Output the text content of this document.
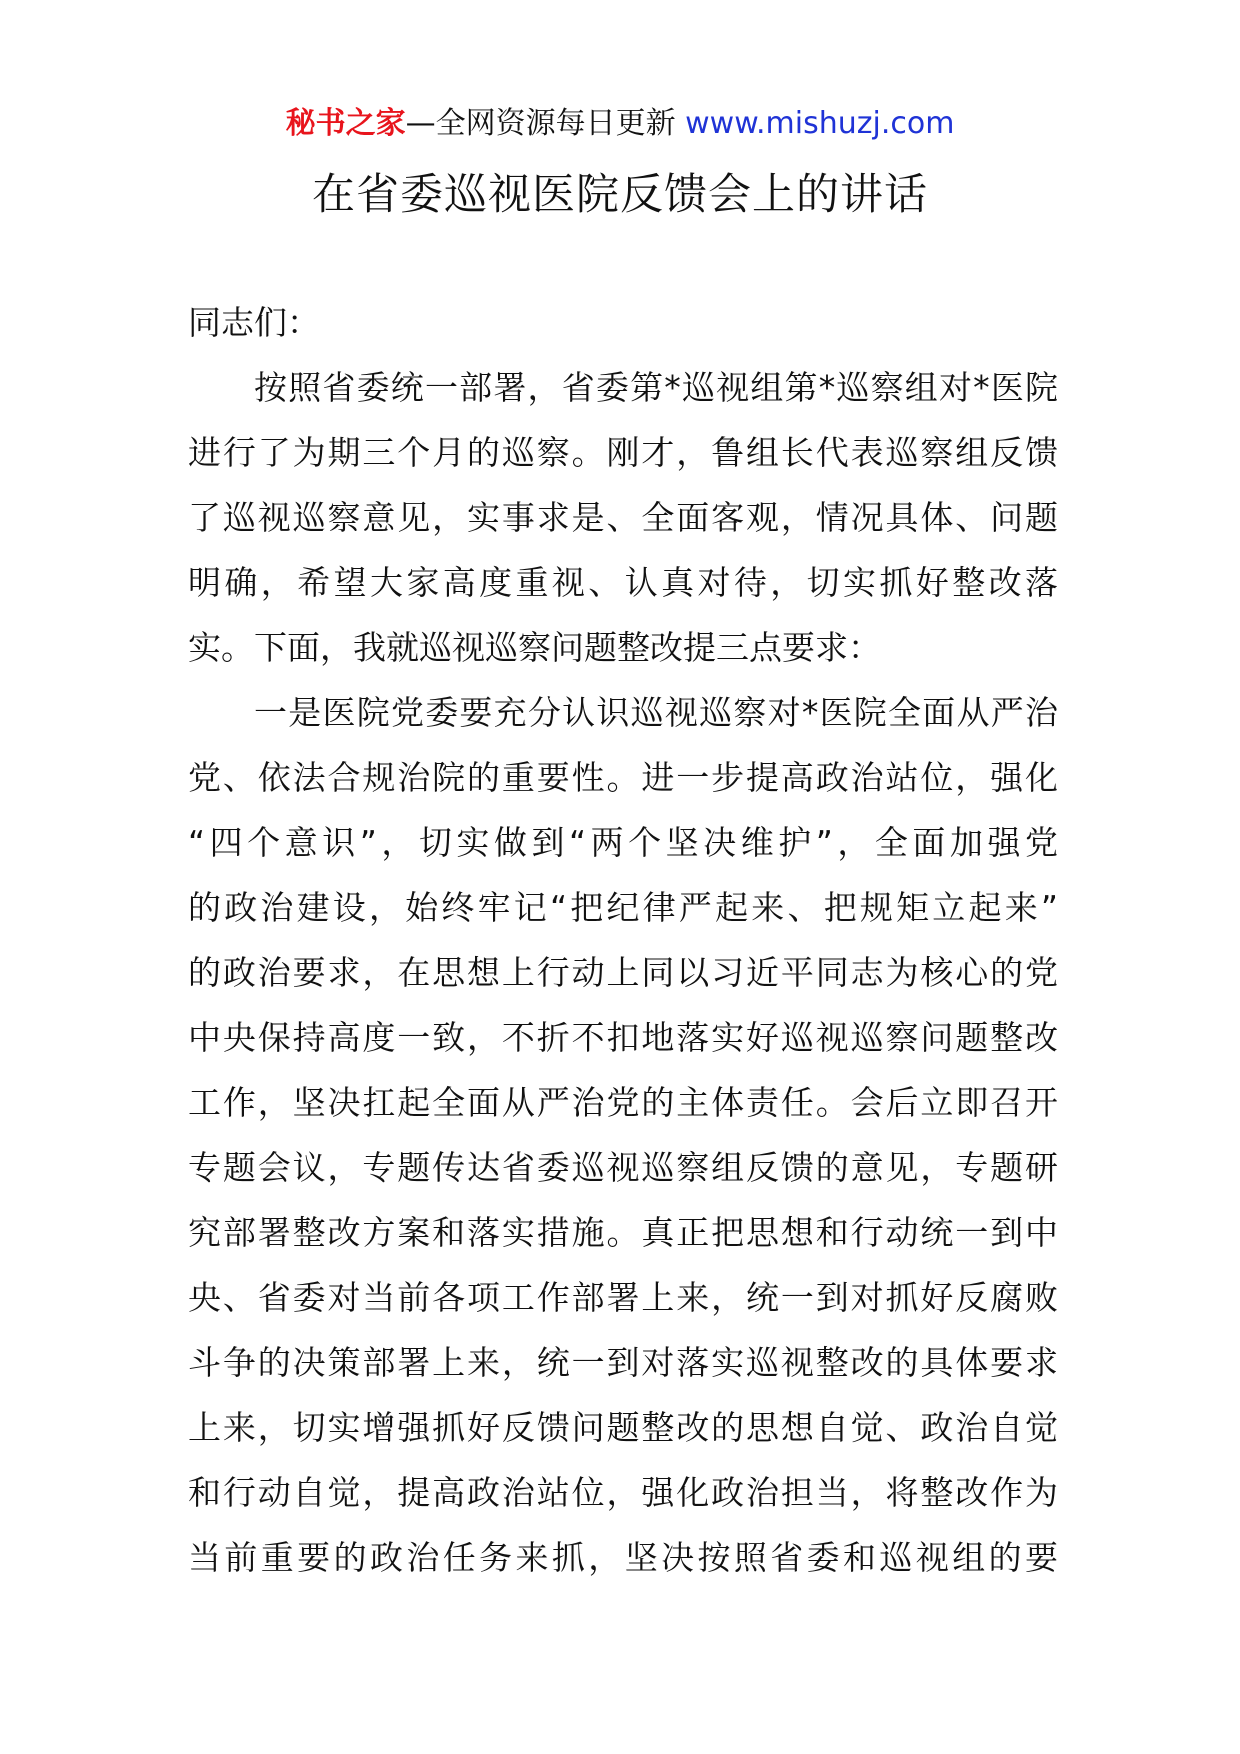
秘书之家—全网资源每日更新 www.mishuzj.com
在省委巡视医院反馈会上的讲话
同志们：
按照省委统一部署，省委第*巡视组第*巡察组对*医院
进行了为期三个月的巡察。刚才，鲁组长代表巡察组反馈
了巡视巡察意见，实事求是、全面客观，情况具体、问题
明确，希望大家高度重视、认真对待，切实抓好整改落
实。下面，我就巡视巡察问题整改提三点要求：
一是医院党委要充分认识巡视巡察对*医院全面从严治
党、依法合规治院的重要性。进一步提高政治站位，强化
“四个意识”，切实做到“两个坚决维护”，全面加强党
的政治建设，始终牢记“把纪律严起来、把规矩立起来”
的政治要求，在思想上行动上同以习近平同志为核心的党
中央保持高度一致，不折不扣地落实好巡视巡察问题整改
工作，坚决扛起全面从严治党的主体责任。会后立即召开
专题会议，专题传达省委巡视巡察组反馈的意见，专题研
究部署整改方案和落实措施。真正把思想和行动统一到中
央、省委对当前各项工作部署上来，统一到对抓好反腐败
斗争的决策部署上来，统一到对落实巡视整改的具体要求
上来，切实增强抓好反馈问题整改的思想自觉、政治自觉
和行动自觉，提高政治站位，强化政治担当，将整改作为
当前重要的政治任务来抓，坚决按照省委和巡视组的要
